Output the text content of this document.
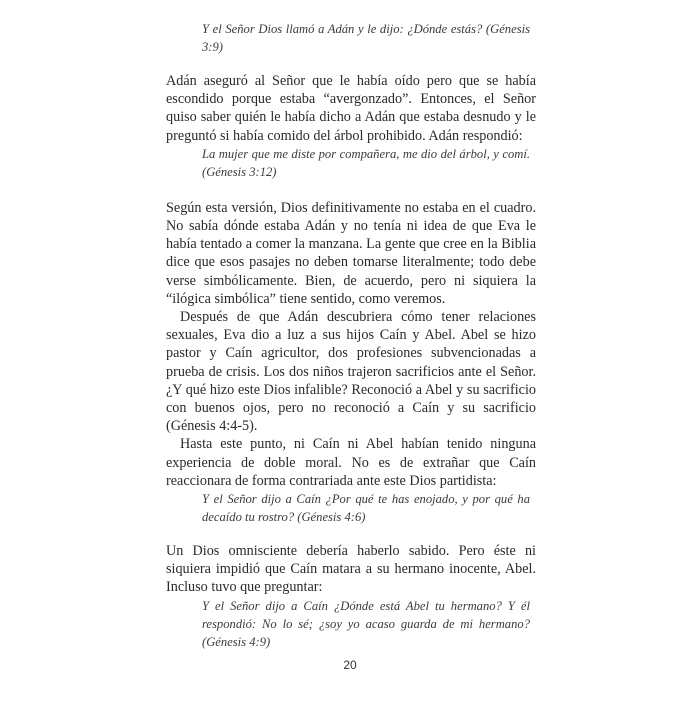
Y el Señor Dios llamó a Adán y le dijo: ¿Dónde estás? (Génesis 3:9)

Adán aseguró al Señor que le había oído pero que se había escondido porque estaba “avergonzado”. Entonces, el Señor quiso saber quién le había dicho a Adán que estaba desnudo y le preguntó si había comido del árbol prohibido. Adán respondió:

La mujer que me diste por compañera, me dio del árbol, y comí. (Génesis 3:12)

Según esta versión, Dios definitivamente no estaba en el cuadro. No sabía dónde estaba Adán y no tenía ni idea de que Eva le había tentado a comer la manzana. La gente que cree en la Biblia dice que esos pasajes no deben tomarse literalmente; todo debe verse simbólicamente. Bien, de acuerdo, pero ni siquiera la “ilógica simbólica” tiene sentido, como veremos.

Después de que Adán descubriera cómo tener relaciones sexuales, Eva dio a luz a sus hijos Caín y Abel. Abel se hizo pastor y Caín agricultor, dos profesiones subvencionadas a prueba de crisis. Los dos niños trajeron sacrificios ante el Señor. ¿Y qué hizo este Dios infalible? Reconoció a Abel y su sacrificio con buenos ojos, pero no reconoció a Caín y su sacrificio (Génesis 4:4-5).

Hasta este punto, ni Caín ni Abel habían tenido ninguna experiencia de doble moral. No es de extrañar que Caín reaccionara de forma contrariada ante este Dios partidista:

Y el Señor dijo a Caín ¿Por qué te has enojado, y por qué ha decaído tu rostro? (Génesis 4:6)

Un Dios omnisciente debería haberlo sabido. Pero éste ni siquiera impidió que Caín matara a su hermano inocente, Abel. Incluso tuvo que preguntar:

Y el Señor dijo a Caín ¿Dónde está Abel tu hermano? Y él respondió: No lo sé; ¿soy yo acaso guarda de mi hermano? (Génesis 4:9)

20
